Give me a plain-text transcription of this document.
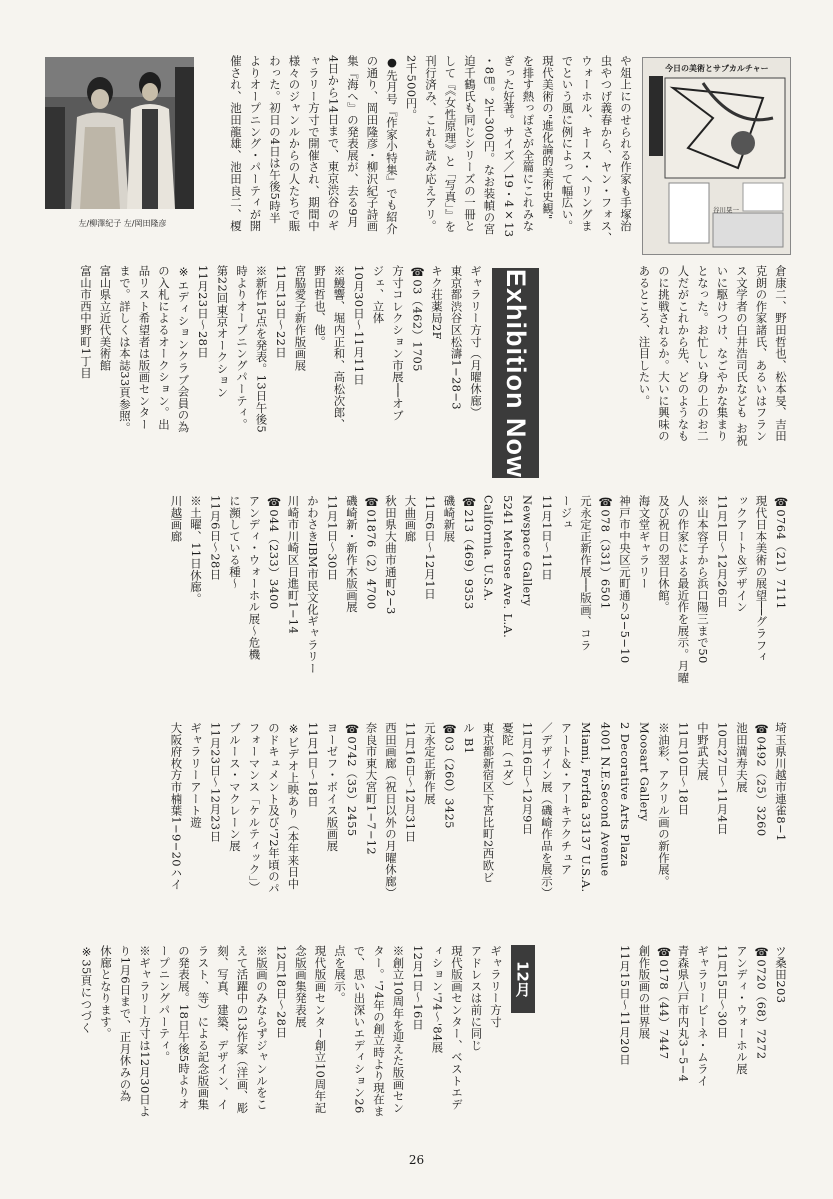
左/柳澤紀子 左/岡田隆彦
今日の美術とサブカルチャー
谷川晃一
や俎上にのせられる作家も手塚治
虫やつげ義春から、ヤン・フォス、
ウォーホル、キース・ヘリングま
でという風に例によって幅広い。
現代美術の"進化論的美術史観"
を排す熱っぽさが全篇にこれみな
ぎった好著。サイズ／19・4×13
・8㎝。2千300円。なお装幀の宮
迫千鶴氏も同じシリーズの一冊と
して『《女性原理》と「写真」』を
刊行済み、これも読み応えアリ。
2千500円。
●先月号『作家小特集』でも紹介
の通り、岡田隆彦・柳沢紀子詩画
集『海へ』の発表展が、去る9月
4日から14日まで、東京渋谷のギ
ャラリー方寸で開催され、期間中
様々のジャンルからの人たちで賑
わった。初日の4日は午後5時半
よりオープニング・パーティが開
催され、池田龍雄、池田良二、榎
倉康二、野田哲也、松本旻、吉田
克朗の作家諸氏、あるいはフラン
ス文学者の白井浩司氏なども お祝
いに駆けつけ、なごやかな集まり
となった。お忙しい身の上のお二
人だがこれから先、どのようなも
のに挑戦されるか。大いに興味の
あるところ、注目したい。
Exhibition Now
ギャラリー方寸（月曜休廊）
東京都渋谷区松濤1−28−3
キク荘薬局2F
☎03（462）1705
方寸コレクション市展──オブ
ジェ、立体
10月30日〜11月11日
※鰻響、堀内正和、高松次郎、
野田哲也、他。
宮脇愛子新作版画展
11月13日〜22日
※新作15点を発表。13日午後5
時よりオープニングパーティ。
第22回東京オークション
11月23日〜28日
※エディションクラブ会員の為
の入札によるオークション。出
品リスト希望者は版画センター
まで。詳しくは本誌33頁参照。
富山県立近代美術館
富山市西中野町1丁目
☎0764（21）7111
現代日本美術の展望──グラフィ
ックアート＆デザイン
11月1日〜12月26日
※山本容子から浜口陽三まで50
人の作家による最近作を展示。月曜
及び祝日の翌日休館。
海文堂ギャラリー
神戸市中央区元町通り3−5−10
☎078（331）6501
元永定正新作展──版画、コラ
ージュ
11月1日〜11日
Newspace Gallery
5241 Melrose Ave. L.A.
California. U.S.A.
☎213（469）9353
磯崎新展
11月6日〜12月1日
大曲画廊
秋田県大曲市通町2−3
☎01876（2）4700
磯崎新・新作木版画展
11月1日〜30日
かわさきIBM市民文化ギャラリー
川崎市川崎区日進町1−14
☎044（233）3400
アンディ・ウォーホル展〜危機
に瀕している種〜
11月6日〜28日
※土曜、11日休廊。
川越画廊
埼玉県川越市連雀8−1
☎0492（25）3260
池田満寿夫展
10月27日〜11月4日
中野武夫展
11月10日〜18日
※油彩、アクリル画の新作展。
Moosart Gallery
2 Decorative Arts Plaza
4001 N.E.Second Avenue
Miami, Forfda 33137 U.S.A.
アート＆・アーキテクチュア
／デザイン展（磯崎作品を展示）
11月16日〜12月9日
憂陀（ユダ）
東京都新宿区下宮比町2西欧ビ
ル B1
☎03（260）3425
元永定正新作展
11月16日〜12月31日
西田画廊（祝日以外の月曜休廊）
奈良市東大宮町1−7−12
☎0742（35）2455
ヨーゼフ・ボイス版画展
11月1日〜18日
※ビデオ上映あり（本年来日中
のドキュメント及び'72年頃のパ
フォーマンス「ケルティック」）
ブルース・マクレーン展
11月23日〜12月23日
ギャラリーアート遊
大阪府枚方市楠葉1−9−20ハイ
12月	ツ桑田203
☎0720（68）7272
アンディ・ウォーホル展
11月15日〜30日
ギャラリービーネ・ムライ
青森県八戸市内丸3−5−4
☎0178（44）7447
創作版画の世界展
11月15日〜11月20日
ギャラリー方寸
アドレスは前に同じ
現代版画センター、ベストエデ
ィション'74〜'84展
12月1日〜16日
※創立10周年を迎えた版画セン
ター。'74年の創立時より現在ま
で、思い出深いエディション26
点を展示。
現代版画センター創立10周年記
念版画集発表展
12月18日〜28日
※版画のみならずジャンルをこ
えて活躍中の13作家（洋画、彫
刻、写真、建築、デザイン、イ
ラスト、等）による記念版画集
の発表展。18日午後5時よりオ
ープニングパーティ。
※ギャラリー方寸は12月30日よ
り1月6日まで、正月休みの為
休廊となります。
※35頁につづく
26
